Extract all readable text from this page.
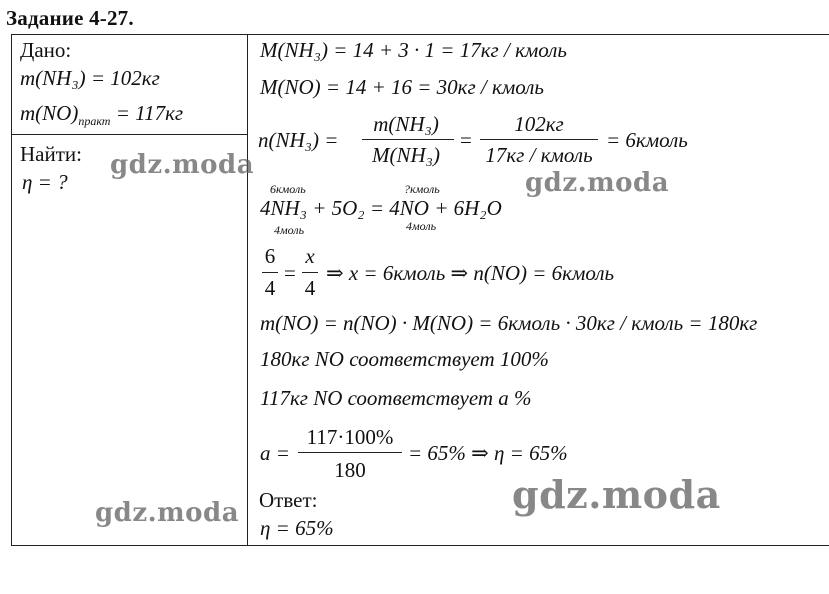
Задание 4-27.
Дано:
m(NH₃) = 102кг
$m(NO)_{практ} = 117кг$
Найти:
η = ?
M(NH₃) = 14 + 3 · 1 = 17кг / кмоль
M(NO) = 14 + 16 = 30кг / кмоль
n(NH₃) =
m(NH₃)
M(NH₃)
=
102кг
17кг / кмоль
= 6кмоль
6кмоль	?кмоль
4NH₃ + 5O₂ = 4NO + 6H₂O
4моль	4моль
6
4
=
x
4
⇒ x = 6кмоль ⇒ n(NO) = 6кмоль
m(NO) = n(NO) · M(NO) = 6кмоль · 30кг / кмоль = 180кг
180кг NO соответствует 100%
117кг NO соответствует a %
a =
117·100%
180
= 65% ⇒ η = 65%
Ответ:
η = 65%
gdz.moda
gdz.moda
gdz.moda	gdz.moda
